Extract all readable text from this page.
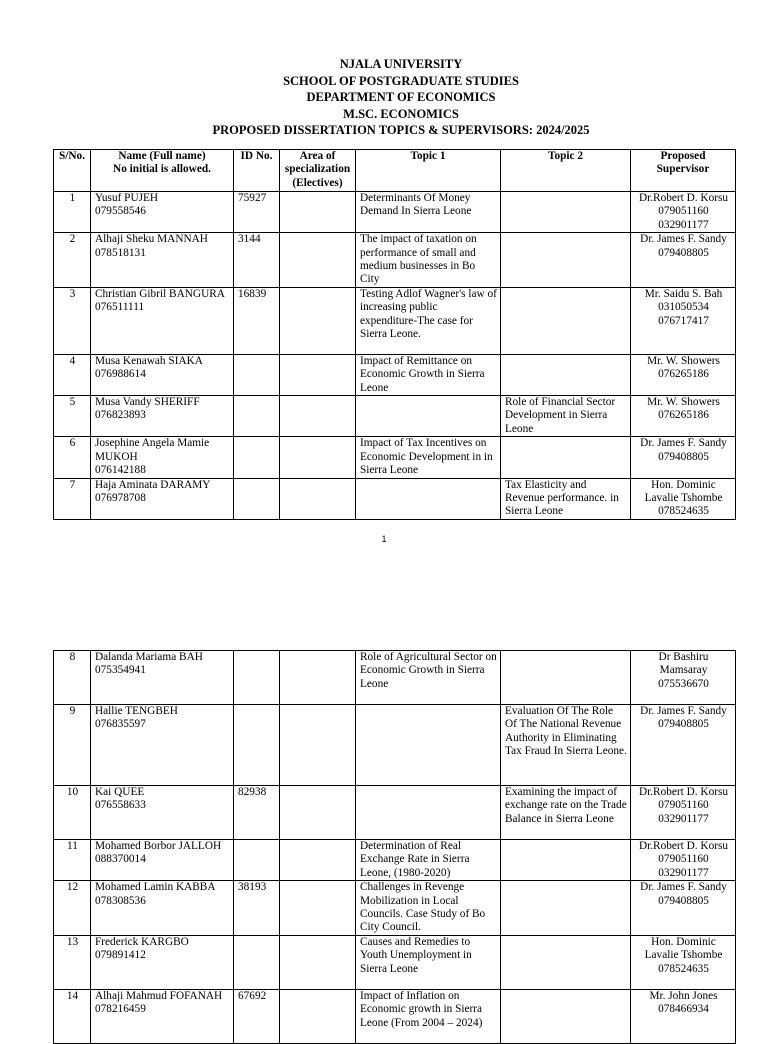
NJALA UNIVERSITY
SCHOOL OF POSTGRADUATE STUDIES
DEPARTMENT OF ECONOMICS
M.SC. ECONOMICS
PROPOSED DISSERTATION TOPICS & SUPERVISORS: 2024/2025
S/No.	Name (Full name)
No initial is allowed.	ID No.	Area of
specialization
(Electives)	Topic 1	Topic 2	Proposed
Supervisor

1	Yusuf PUJEH
079558546	75927		Determinants Of Money Demand In Sierra Leone		Dr.Robert D. Korsu
079051160
032901177

2	Alhaji Sheku MANNAH
078518131	3144		The impact of taxation on performance of small and medium businesses in Bo City		Dr. James F. Sandy
079408805

3	Christian Gibril BANGURA
076511111	16839		Testing Adlof Wagner's law of increasing public expenditure-The case for Sierra Leone.		Mr. Saidu S. Bah
031050534
076717417

4	Musa Kenawah SIAKA
076988614			Impact of Remittance on Economic Growth in Sierra Leone		Mr. W. Showers
076265186

5	Musa Vandy SHERIFF
076823893				Role of Financial Sector Development in Sierra Leone	Mr. W. Showers
076265186

6	Josephine Angela Mamie MUKOH
076142188			Impact of Tax Incentives on Economic Development in in Sierra Leone		Dr. James F. Sandy
079408805

7	Haja Aminata DARAMY
076978708				Tax Elasticity and Revenue performance. in Sierra Leone	Hon. Dominic
Lavalie Tshombe
078524635
1
8	Dalanda Mariama BAH
075354941			Role of Agricultural Sector on Economic Growth in Sierra Leone		Dr Bashiru
Mamsaray
075536670

9	Hallie TENGBEH
076835597				Evaluation Of The Role Of The National Revenue Authority in Eliminating Tax Fraud In Sierra Leone.	Dr. James F. Sandy
079408805

10	Kai QUEE
076558633	82938			Examining the impact of exchange rate on the Trade Balance in Sierra Leone	Dr.Robert D. Korsu
079051160
032901177

11	Mohamed Borbor JALLOH
088370014			Determination of Real Exchange Rate in Sierra Leone, (1980-2020)		Dr.Robert D. Korsu
079051160
032901177

12	Mohamed Lamin KABBA
078308536	38193		Challenges in Revenge Mobilization in Local Councils. Case Study of Bo City Council.		Dr. James F. Sandy
079408805

13	Frederick KARGBO
079891412			Causes and Remedies to Youth Unemployment in Sierra Leone		Hon. Dominic
Lavalie Tshombe
078524635

14	Alhaji Mahmud FOFANAH
078216459	67692		Impact of Inflation on Economic growth in Sierra Leone (From 2004 – 2024)		Mr. John Jones
078466934
